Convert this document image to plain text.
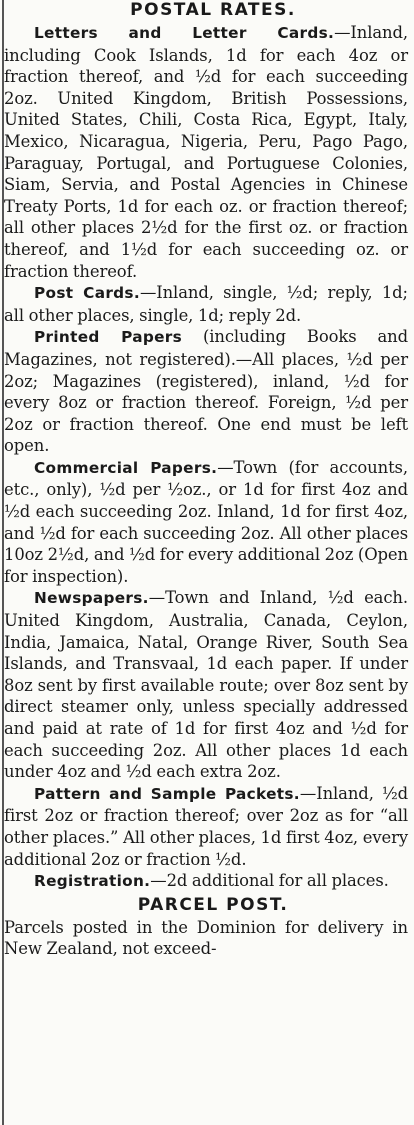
POSTAL RATES.

Letters and Letter Cards.—Inland, including Cook Islands, 1d for each 4oz or fraction thereof, and ½d for each succeeding 2oz. United Kingdom, British Possessions, United States, Chili, Costa Rica, Egypt, Italy, Mexico, Nicaragua, Nigeria, Peru, Pago Pago, Paraguay, Portugal, and Portuguese Colonies, Siam, Servia, and Postal Agencies in Chinese Treaty Ports, 1d for each oz. or fraction thereof; all other places 2½d for the first oz. or fraction thereof, and 1½d for each succeeding oz. or fraction thereof.

Post Cards.—Inland, single, ½d; reply, 1d; all other places, single, 1d; reply 2d.

Printed Papers (including Books and Magazines, not registered).—All places, ½d per 2oz; Magazines (registered), inland, ½d for every 8oz or fraction thereof. Foreign, ½d per 2oz or fraction thereof. One end must be left open.

Commercial Papers.—Town (for accounts, etc., only), ½d per ½oz., or 1d for first 4oz and ½d each succeeding 2oz. Inland, 1d for first 4oz, and ½d for each succeeding 2oz. All other places 10oz 2½d, and ½d for every additional 2oz (Open for inspection).

Newspapers.—Town and Inland, ½d each. United Kingdom, Australia, Canada, Ceylon, India, Jamaica, Natal, Orange River, South Sea Islands, and Transvaal, 1d each paper. If under 8oz sent by first available route; over 8oz sent by direct steamer only, unless specially addressed and paid at rate of 1d for first 4oz and ½d for each succeeding 2oz. All other places 1d each under 4oz and ½d each extra 2oz.

Pattern and Sample Packets.—Inland, ½d first 2oz or fraction thereof; over 2oz as for “all other places.” All other places, 1d first 4oz, every additional 2oz or fraction ½d.

Registration.—2d additional for all places.

PARCEL POST.

Parcels posted in the Dominion for delivery in New Zealand, not exceed-
